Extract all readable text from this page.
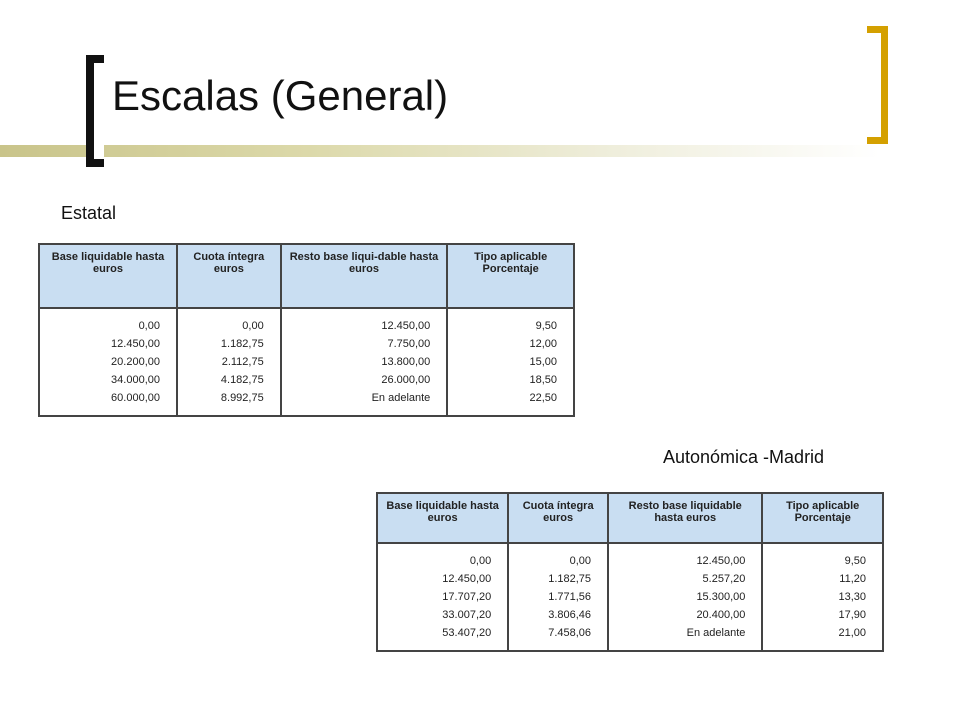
Escalas (General)
Estatal
Base liquidable hasta euros	Cuota íntegra euros	Resto base liqui-dable hasta euros	Tipo aplicable Porcentaje
0,00	0,00	12.450,00	9,50
12.450,00	1.182,75	7.750,00	12,00
20.200,00	2.112,75	13.800,00	15,00
34.000,00	4.182,75	26.000,00	18,50
60.000,00	8.992,75	En adelante	22,50
Autonómica -Madrid
Base liquidable hasta euros	Cuota íntegra euros	Resto base liquidable hasta euros	Tipo aplicable Porcentaje
0,00	0,00	12.450,00	9,50
12.450,00	1.182,75	5.257,20	11,20
17.707,20	1.771,56	15.300,00	13,30
33.007,20	3.806,46	20.400,00	17,90
53.407,20	7.458,06	En adelante	21,00
